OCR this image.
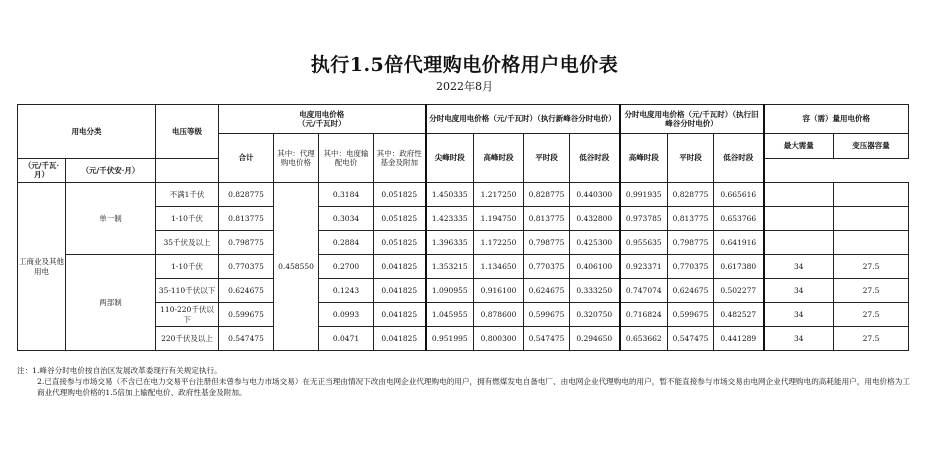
执行1.5倍代理购电价格用户电价表
2022年8月
用电分类		电压等级	电度用电价格
（元/千瓦时）				分时电度用电价格（元/千瓦时）（执行新峰谷分时电价）				分时电度用电价格（元/千瓦时）（执行旧峰谷分时电价）			容（需）量用电价格	
			合计	其中：代理购电价格	其中：电度输配电价	其中：政府性基金及附加	尖峰时段	高峰时段	平时段	低谷时段	高峰时段	平时段	低谷时段	最大需量	变压器容量
（元/千瓦·月）	（元/千伏安·月）														
工商业及其他用电	单一制	不满1千伏	0.828775	0.458550	0.3184	0.051825	1.450335	1.217250	0.828775	0.440300	0.991935	0.828775	0.665616		
		1-10千伏	0.813775		0.3034	0.051825	1.423335	1.194750	0.813775	0.432800	0.973785	0.813775	0.653766		
		35千伏及以上	0.798775		0.2884	0.051825	1.396335	1.172250	0.798775	0.425300	0.955635	0.798775	0.641916		
	两部制	1-10千伏	0.770375		0.2700	0.041825	1.353215	1.134650	0.770375	0.406100	0.923371	0.770375	0.617380	34	27.5
		35-110千伏以下	0.624675		0.1243	0.041825	1.090955	0.916100	0.624675	0.333250	0.747074	0.624675	0.502277	34	27.5
		110-220千伏以下	0.599675		0.0993	0.041825	1.045955	0.878600	0.599675	0.320750	0.716824	0.599675	0.482527	34	27.5
		220千伏及以上	0.547475		0.0471	0.041825	0.951995	0.800300	0.547475	0.294650	0.653662	0.547475	0.441289	34	27.5

注：1.峰谷分时电价按自治区发展改革委现行有关规定执行。

2.已直接参与市场交易（不含已在电力交易平台注册但未曾参与电力市场交易）在无正当理由情况下改由电网企业代理购电的用户，拥有燃煤发电自备电厂、由电网企业代理购电的用户，暂不能直接参与市场交易由电网企业代理购电的高耗能用户，用电价格为工商业代理购电价格的1.5倍加上输配电价、政府性基金及附加。
